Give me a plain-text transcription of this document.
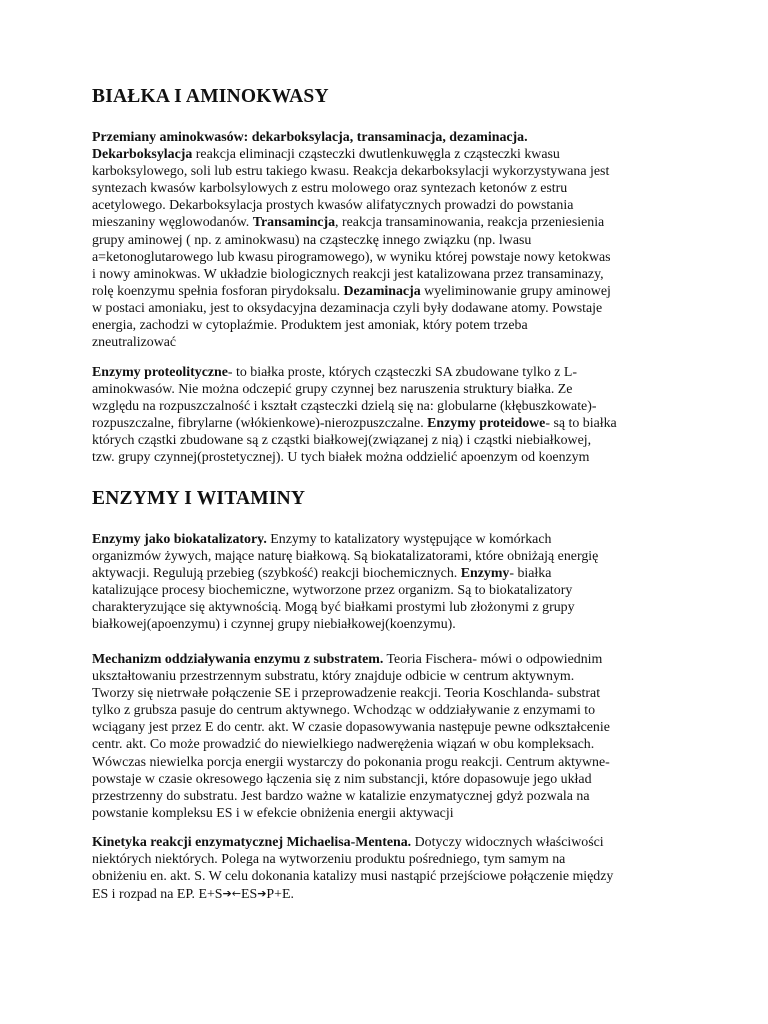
BIAŁKA I AMINOKWASY
Przemiany aminokwasów: dekarboksylacja, transaminacja, dezaminacja.
Dekarboksylacja reakcja eliminacji cząsteczki dwutlenkuwęgla z cząsteczki kwasu
karboksylowego, soli lub estru takiego kwasu. Reakcja dekarboksylacji wykorzystywana jest
syntezach kwasów karbolsylowych z estru molowego oraz syntezach ketonów z estru
acetylowego. Dekarboksylacja prostych kwasów alifatycznych prowadzi do powstania
mieszaniny węglowodanów. Transamincja, reakcja transaminowania, reakcja przeniesienia
grupy aminowej ( np. z aminokwasu) na cząsteczkę innego związku (np. lwasu
a=ketonoglutarowego lub kwasu pirogramowego), w wyniku której powstaje nowy ketokwas
i nowy aminokwas. W układzie biologicznych reakcji jest katalizowana przez transaminazy,
rolę koenzymu spełnia fosforan pirydoksalu. Dezaminacja wyeliminowanie grupy aminowej
w postaci amoniaku, jest to oksydacyjna dezaminacja czyli były dodawane atomy. Powstaje
energia, zachodzi w cytoplaźmie. Produktem jest amoniak, który potem trzeba
zneutralizować
Enzymy proteolityczne- to białka proste, których cząsteczki SA zbudowane tylko z L-
aminokwasów. Nie można odczepić grupy czynnej bez naruszenia struktury białka. Ze
względu na rozpuszczalność i kształt cząsteczki dzielą się na: globularne (kłębuszkowate)-
rozpuszczalne, fibrylarne (włókienkowe)-nierozpuszczalne. Enzymy proteidowe- są to białka
których cząstki zbudowane są z cząstki białkowej(związanej z nią) i cząstki niebiałkowej,
tzw. grupy czynnej(prostetycznej). U tych białek można oddzielić apoenzym od koenzym
ENZYMY I WITAMINY
Enzymy jako biokatalizatory. Enzymy to katalizatory występujące w komórkach
organizmów żywych, mające naturę białkową. Są biokatalizatorami, które obniżają energię
aktywacji. Regulują przebieg (szybkość) reakcji biochemicznych. Enzymy- białka
katalizujące procesy biochemiczne, wytworzone przez organizm. Są to biokatalizatory
charakteryzujące się aktywnością. Mogą być białkami prostymi lub złożonymi z grupy
białkowej(apoenzymu) i czynnej grupy niebiałkowej(koenzymu).
Mechanizm oddziaływania enzymu z substratem. Teoria Fischera- mówi o odpowiednim
ukształtowaniu przestrzennym substratu, który znajduje odbicie w centrum aktywnym.
Tworzy się nietrwałe połączenie SE i przeprowadzenie reakcji. Teoria Koschlanda- substrat
tylko z grubsza pasuje do centrum aktywnego. Wchodząc w oddziaływanie z enzymami to
wciągany jest przez E do centr. akt. W czasie dopasowywania następuje pewne odkształcenie
centr. akt. Co może prowadzić do niewielkiego nadwerężenia wiązań w obu kompleksach.
Wówczas niewielka porcja energii wystarczy do pokonania progu reakcji. Centrum aktywne-
powstaje w czasie okresowego łączenia się z nim substancji, które dopasowuje jego układ
przestrzenny do substratu. Jest bardzo ważne w katalizie enzymatycznej gdyż pozwala na
powstanie kompleksu ES i w efekcie obniżenia energii aktywacji
Kinetyka reakcji enzymatycznej Michaelisa-Mentena. Dotyczy widocznych właściwości
niektórych niektórych. Polega na wytworzeniu produktu pośredniego, tym samym na
obniżeniu en. akt. S. W celu dokonania katalizy musi nastąpić przejściowe połączenie między
ES i rozpad na EP. E+S➔←ES➔P+E.
